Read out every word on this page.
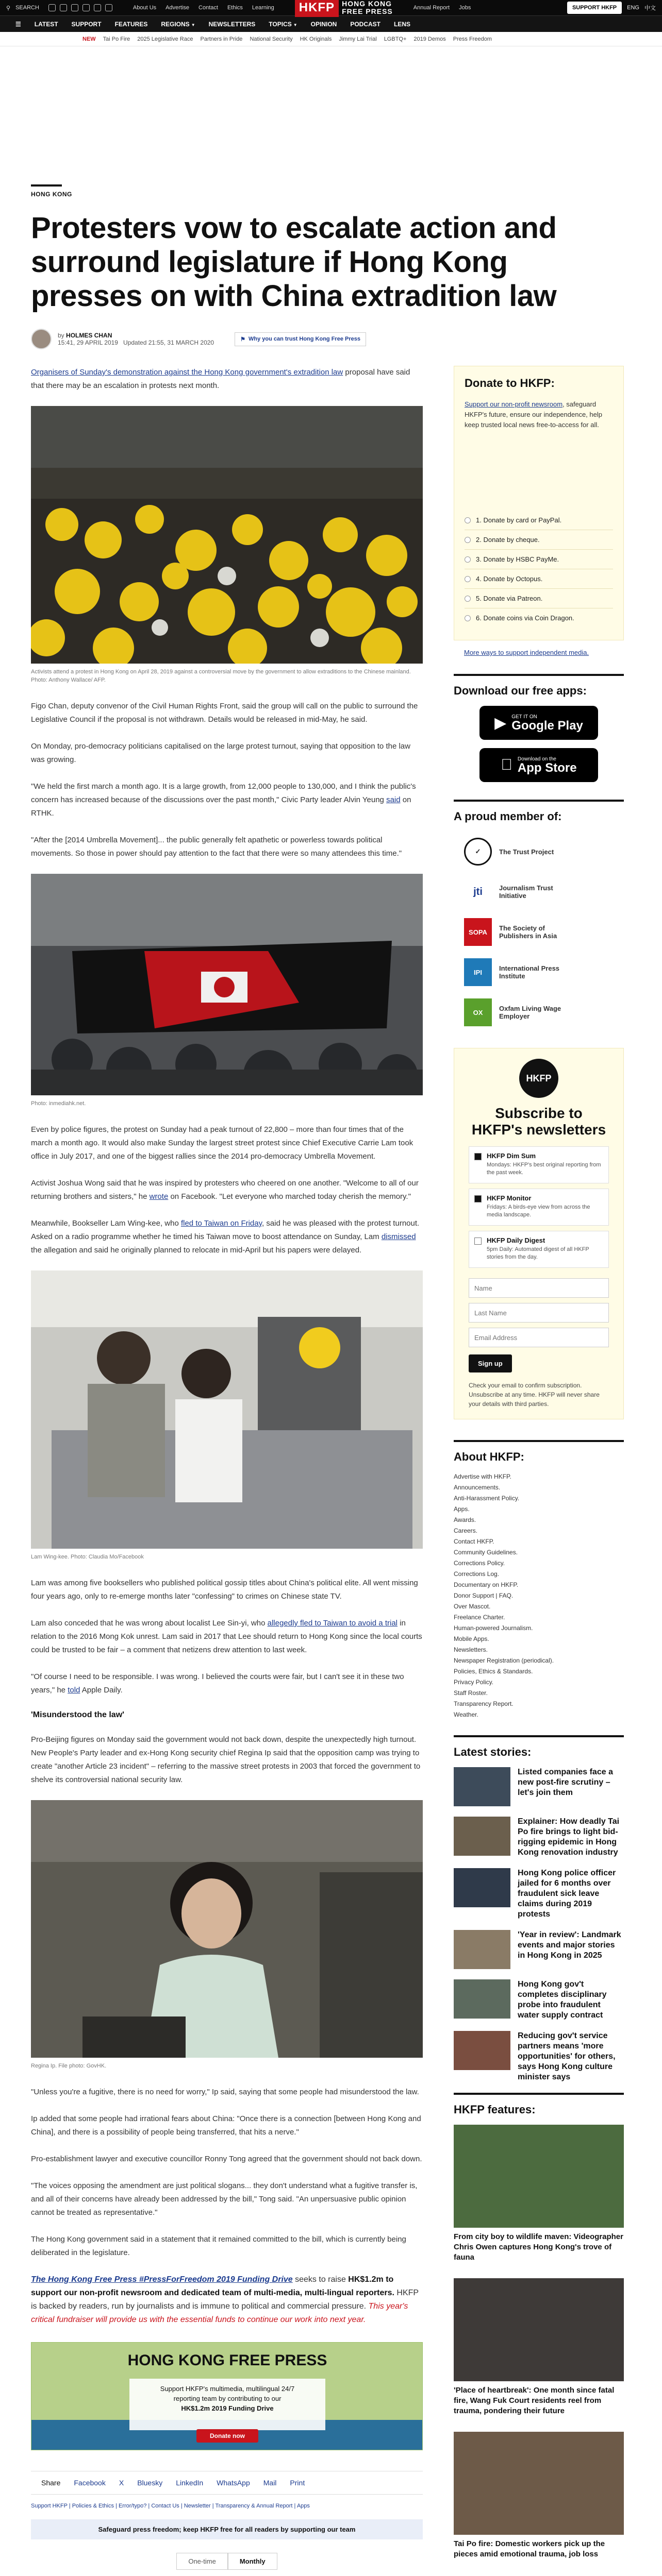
⚲ SEARCH	About Us Advertise Contact Ethics Learning	HKFP	HONG KONG
FREE PRESS	Annual Report Jobs	SUPPORT HKFP	ENG 中文
☰ LATEST SUPPORT FEATURES REGIONS ▼ NEWSLETTERS TOPICS ▼ OPINION PODCAST LENS
NEW Tai Po Fire 2025 Legislative Race Partners in Pride National Security HK Originals Jimmy Lai Trial LGBTQ+ 2019 Demos Press Freedom
HONG KONG
Protesters vow to escalate action and surround legislature if Hong Kong presses on with China extradition law
by HOLMES CHAN
15:41, 29 APRIL 2019 Updated 21:55, 31 MARCH 2020	⚑ Why you can trust Hong Kong Free Press

Organisers of Sunday's demonstration against the Hong Kong government's extradition law proposal have said that there may be an escalation in protests next month.

Activists attend a protest in Hong Kong on April 28, 2019 against a controversial move by the government to allow extraditions to the Chinese mainland. Photo: Anthony Wallace/ AFP.

Figo Chan, deputy convenor of the Civil Human Rights Front, said the group will call on the public to surround the Legislative Council if the proposal is not withdrawn. Details would be released in mid-May, he said.

On Monday, pro-democracy politicians capitalised on the large protest turnout, saying that opposition to the law was growing.

"We held the first march a month ago. It is a large growth, from 12,000 people to 130,000, and I think the public's concern has increased because of the discussions over the past month," Civic Party leader Alvin Yeung said on RTHK.

"After the [2014 Umbrella Movement]... the public generally felt apathetic or powerless towards political movements. So those in power should pay attention to the fact that there were so many attendees this time."

Photo: inmediahk.net.

Even by police figures, the protest on Sunday had a peak turnout of 22,800 – more than four times that of the march a month ago. It would also make Sunday the largest street protest since Chief Executive Carrie Lam took office in July 2017, and one of the biggest rallies since the 2014 pro-democracy Umbrella Movement.

Activist Joshua Wong said that he was inspired by protesters who cheered on one another. "Welcome to all of our returning brothers and sisters," he wrote on Facebook. "Let everyone who marched today cherish the memory."

Meanwhile, Bookseller Lam Wing-kee, who fled to Taiwan on Friday, said he was pleased with the protest turnout. Asked on a radio programme whether he timed his Taiwan move to boost attendance on Sunday, Lam dismissed the allegation and said he originally planned to relocate in mid-April but his papers were delayed.

Lam Wing-kee. Photo: Claudia Mo/Facebook

Lam was among five booksellers who published political gossip titles about China's political elite. All went missing four years ago, only to re-emerge months later "confessing" to crimes on Chinese state TV.

Lam also conceded that he was wrong about localist Lee Sin-yi, who allegedly fled to Taiwan to avoid a trial in relation to the 2016 Mong Kok unrest. Lam said in 2017 that Lee should return to Hong Kong since the local courts could be trusted to be fair – a comment that netizens drew attention to last week.

"Of course I need to be responsible. I was wrong. I believed the courts were fair, but I can't see it in these two years," he told Apple Daily.

'Misunderstood the law'

Pro-Beijing figures on Monday said the government would not back down, despite the unexpectedly high turnout. New People's Party leader and ex-Hong Kong security chief Regina Ip said that the opposition camp was trying to create "another Article 23 incident" – referring to the massive street protests in 2003 that forced the government to shelve its controversial national security law.

Regina Ip. File photo: GovHK.

"Unless you're a fugitive, there is no need for worry," Ip said, saying that some people had misunderstood the law.

Ip added that some people had irrational fears about China: "Once there is a connection [between Hong Kong and China], and there is a possibility of people being transferred, that hits a nerve."

Pro-establishment lawyer and executive councillor Ronny Tong agreed that the government should not back down.

"The voices opposing the amendment are just political slogans... they don't understand what a fugitive transfer is, and all of their concerns have already been addressed by the bill," Tong said. "An unpersuasive public opinion cannot be treated as representative."

The Hong Kong government said in a statement that it remained committed to the bill, which is currently being deliberated in the legislature.

The Hong Kong Free Press #PressForFreedom 2019 Funding Drive seeks to raise HK$1.2m to support our non-profit newsroom and dedicated team of multi-media, multi-lingual reporters. HKFP is backed by readers, run by journalists and is immune to political and commercial pressure. This year's critical fundraiser will provide us with the essential funds to continue our work into next year.
HONG KONG FREE PRESS
Support HKFP's multimedia, multilingual 24/7
reporting team by contributing to our
HK$1.2m 2019 Funding Drive
Donate now
Share Facebook X Bluesky LinkedIn WhatsApp Mail Print
Support HKFP | Policies & Ethics | Error/typo? | Contact Us | Newsletter | Transparency & Annual Report | Apps
Safeguard press freedom; keep HKFP free for all readers by supporting our team
One-time	Monthly
Donate to HKFP:

Support our non-profit newsroom, safeguard HKFP's future, ensure our independence, help keep trusted local news free-to-access for all.

1. Donate by card or PayPal.
2. Donate by cheque.
3. Donate by HSBC PayMe.
4. Donate by Octopus.
5. Donate via Patreon.
6. Donate coins via Coin Dragon.
More ways to support independent media.
Download our free apps:
▶ GET IT ON
Google Play
Download on the
App Store
A proud member of:
✓	The Trust Project
jti	Journalism Trust Initiative
SOPA	The Society of Publishers in Asia
IPI	International Press Institute
OX	Oxfam Living Wage Employer
HKFP
Subscribe to HKFP's newsletters
HKFP Dim Sum
Mondays: HKFP's best original reporting from the past week.
HKFP Monitor
Fridays: A birds-eye view from across the media landscape.
HKFP Daily Digest
5pm Daily: Automated digest of all HKFP stories from the day.
Name Last Name Email Address
Sign up
Check your email to confirm subscription. Unsubscribe at any time. HKFP will never share your details with third parties.
About HKFP:
Advertise with HKFP.
Announcements.
Anti-Harassment Policy.
Apps.
Awards.
Careers.
Contact HKFP.
Community Guidelines.
Corrections Policy.
Corrections Log.
Documentary on HKFP.
Donor Support | FAQ.
Over Mascot.
Freelance Charter.
Human-powered Journalism.
Mobile Apps.
Newsletters.
Newspaper Registration (periodical).
Policies, Ethics & Standards.
Privacy Policy.
Staff Roster.
Transparency Report.
Weather.
Latest stories:
Listed companies face a new post-fire scrutiny – let's join them
Explainer: How deadly Tai Po fire brings to light bid-rigging epidemic in Hong Kong renovation industry
Hong Kong police officer jailed for 6 months over fraudulent sick leave claims during 2019 protests
'Year in review': Landmark events and major stories in Hong Kong in 2025
Hong Kong gov't completes disciplinary probe into fraudulent water supply contract
Reducing gov't service partners means 'more opportunities' for others, says Hong Kong culture minister says
HKFP features:
From city boy to wildlife maven: Videographer Chris Owen captures Hong Kong's trove of fauna
'Place of heartbreak': One month since fatal fire, Wang Fuk Court residents reel from trauma, pondering their future
Tai Po fire: Domestic workers pick up the pieces amid emotional trauma, job loss
